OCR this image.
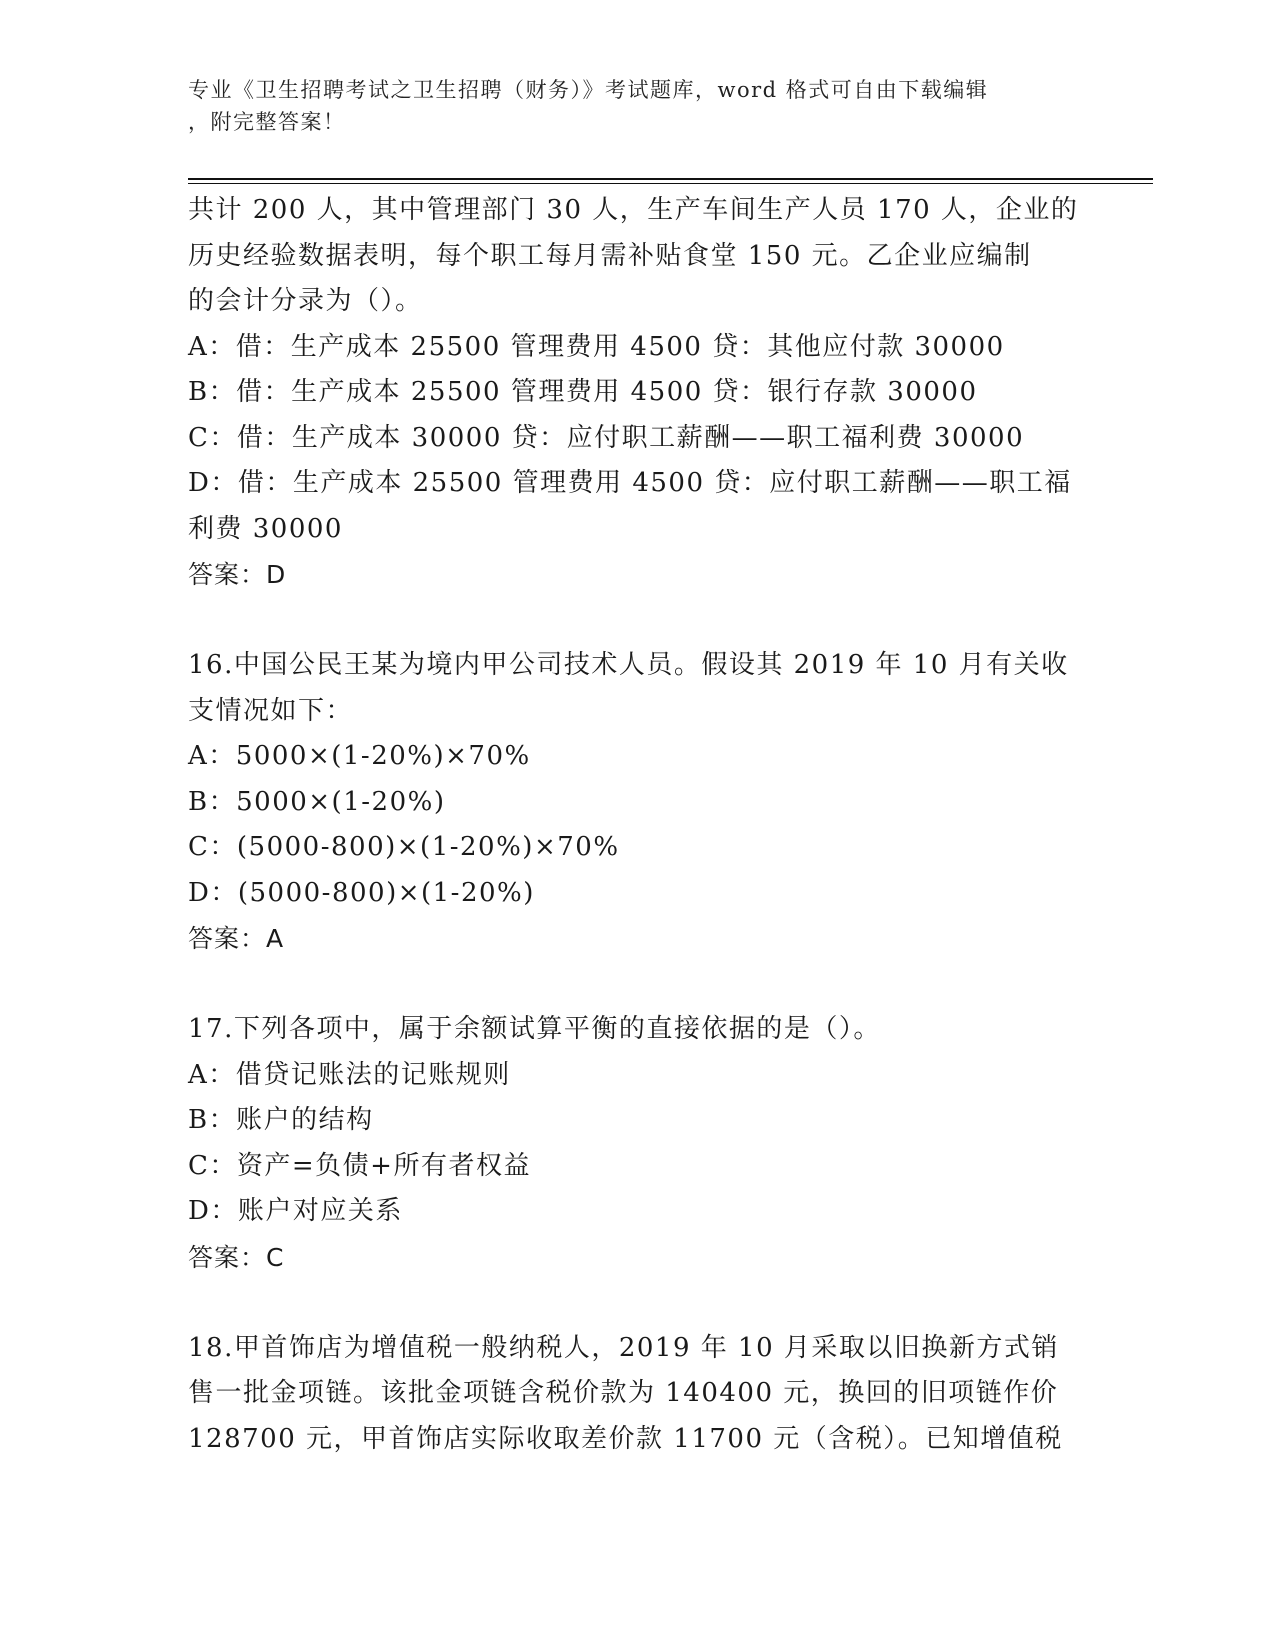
专业《卫生招聘考试之卫生招聘（财务）》考试题库，word 格式可自由下载编辑
，附完整答案！
共计 200 人，其中管理部门 30 人，生产车间生产人员 170 人，企业的
历史经验数据表明，每个职工每月需补贴食堂 150 元。乙企业应编制
的会计分录为（）。
A：借：生产成本 25500 管理费用 4500 贷：其他应付款 30000
B：借：生产成本 25500 管理费用 4500 贷：银行存款 30000
C：借：生产成本 30000 贷：应付职工薪酬——职工福利费 30000
D：借：生产成本 25500 管理费用 4500 贷：应付职工薪酬——职工福
利费 30000
答案：D
16.中国公民王某为境内甲公司技术人员。假设其 2019 年 10 月有关收
支情况如下：
A：5000×(1-20%)×70%
B：5000×(1-20%)
C：(5000-800)×(1-20%)×70%
D：(5000-800)×(1-20%)
答案：A
17.下列各项中，属于余额试算平衡的直接依据的是（）。
A：借贷记账法的记账规则
B：账户的结构
C：资产=负债+所有者权益
D：账户对应关系
答案：C
18.甲首饰店为增值税一般纳税人，2019 年 10 月采取以旧换新方式销
售一批金项链。该批金项链含税价款为 140400 元，换回的旧项链作价
128700 元，甲首饰店实际收取差价款 11700 元（含税）。已知增值税
